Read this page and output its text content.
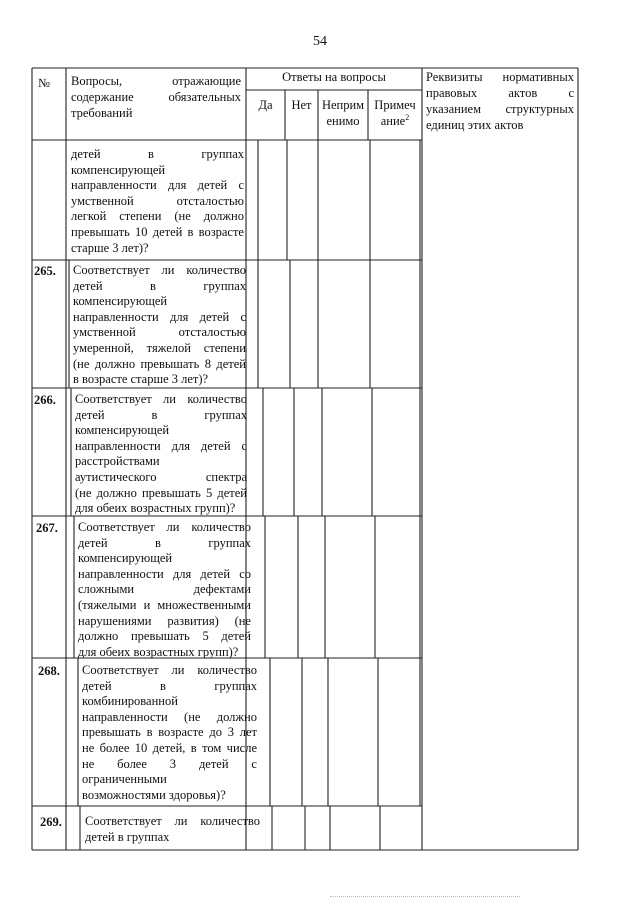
54
№ Вопросы, отражающие
содержание обязательных
требований
Ответы на вопросы
Да	Нет Неприм
енимо
Примеч
ание$^2$
Реквизиты нормативных
правовых актов с
указанием структурных
единиц этих актов
детей в группах
компенсирующей
направленности для детей с
умственной отсталостью
легкой степени (не должно
превышать 10 детей в возрасте
старше 3 лет)?
265. Соответствует ли количество
детей в группах
компенсирующей
направленности для детей с
умственной отсталостью
умеренной, тяжелой степени
(не должно превышать 8 детей
в возрасте старше 3 лет)?
266. Соответствует ли количество
детей в группах
компенсирующей
направленности для детей с
расстройствами
аутистического спектра
(не должно превышать 5 детей
для обеих возрастных групп)?
267. Соответствует ли количество
детей в группах
компенсирующей
направленности для детей со
сложными дефектами
(тяжелыми и множественными
нарушениями развития) (не
должно превышать 5 детей
для обеих возрастных групп)?
268. Соответствует ли количество
детей в группах
комбинированной
направленности (не должно
превышать в возрасте до 3 лет
не более 10 детей, в том числе
не более 3 детей с
ограниченными
возможностями здоровья)?
269. Соответствует ли количество
детей в группах
